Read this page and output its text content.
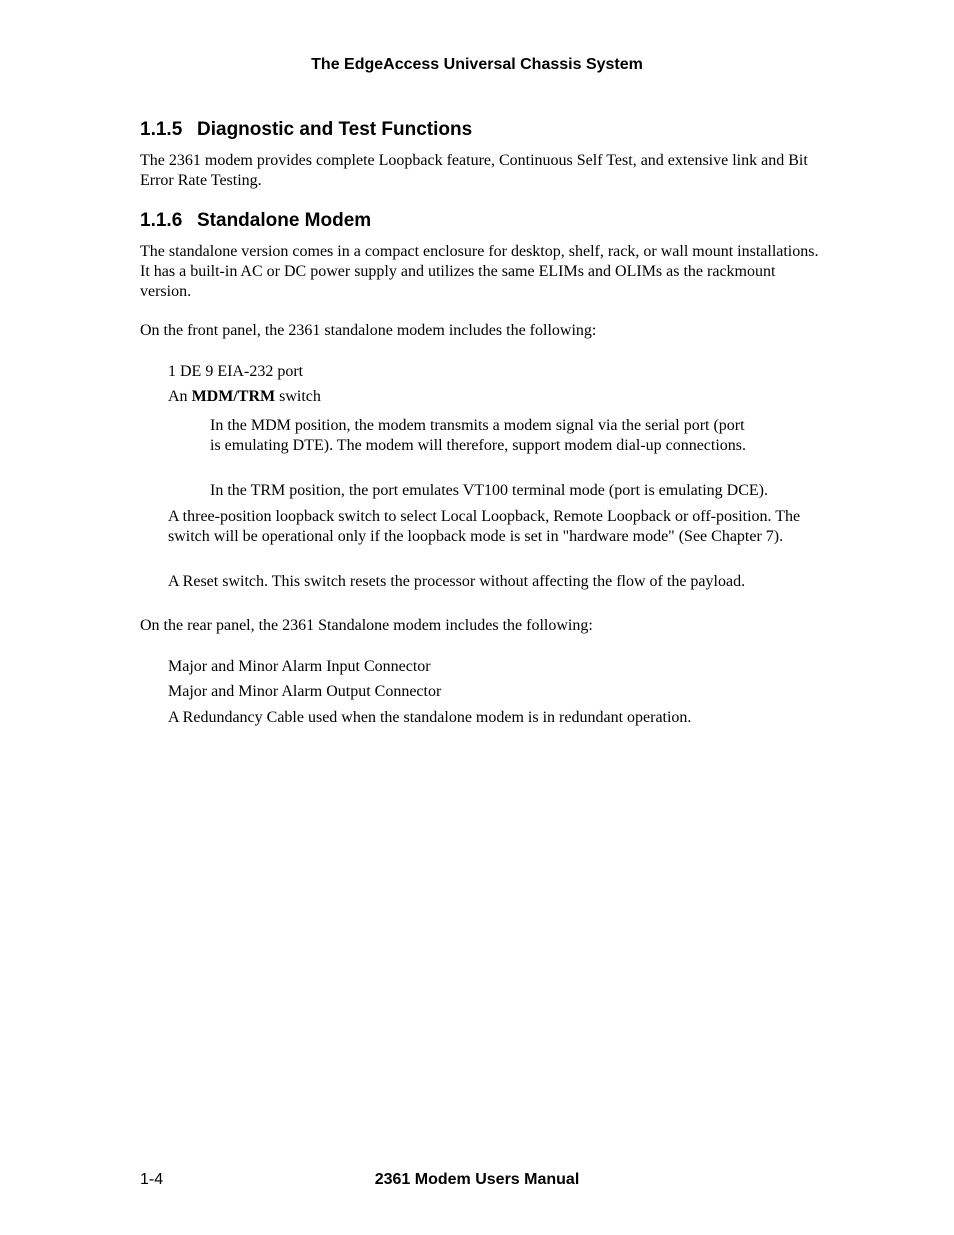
The EdgeAccess Universal Chassis System
1.1.5 Diagnostic and Test Functions

The 2361 modem provides complete Loopback feature, Continuous Self Test, and extensive link and Bit Error Rate Testing.

1.1.6 Standalone Modem

The standalone version comes in a compact enclosure for desktop, shelf, rack, or wall mount installations. It has a built-in AC or DC power supply and utilizes the same ELIMs and OLIMs as the rackmount version.

On the front panel, the 2361 standalone modem includes the following:

1 DE 9 EIA-232 port

An MDM/TRM switch

In the MDM position, the modem transmits a modem signal via the serial port (port is emulating DTE). The modem will therefore, support modem dial-up connections.

In the TRM position, the port emulates VT100 terminal mode (port is emulating DCE).

A three-position loopback switch to select Local Loopback, Remote Loopback or off-position. The switch will be operational only if the loopback mode is set in "hardware mode" (See Chapter 7).

A Reset switch. This switch resets the processor without affecting the flow of the payload.

On the rear panel, the 2361 Standalone modem includes the following:

Major and Minor Alarm Input Connector

Major and Minor Alarm Output Connector

A Redundancy Cable used when the standalone modem is in redundant operation.

1-4	2361 Modem Users Manual
